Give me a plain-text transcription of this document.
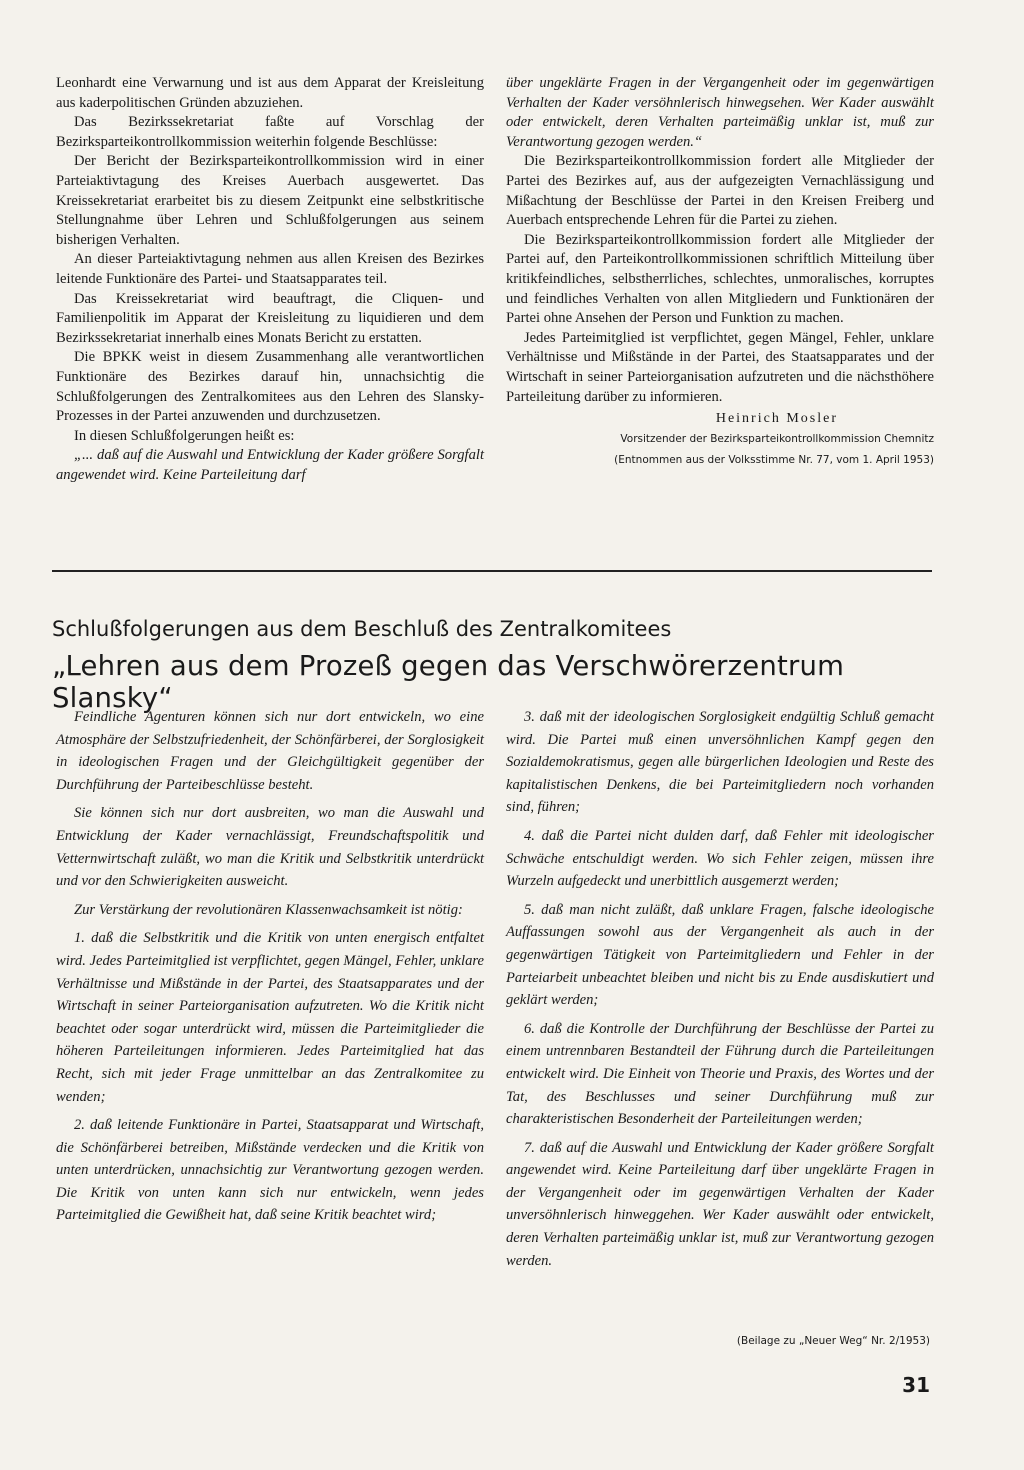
Leonhardt eine Verwarnung und ist aus dem Apparat der Kreisleitung aus kaderpolitischen Gründen abzuziehen.

Das Bezirkssekretariat faßte auf Vorschlag der Bezirksparteikontrollkommission weiterhin folgende Beschlüsse:

Der Bericht der Bezirksparteikontrollkommission wird in einer Parteiaktivtagung des Kreises Auerbach ausgewertet. Das Kreissekretariat erarbeitet bis zu diesem Zeitpunkt eine selbstkritische Stellungnahme über Lehren und Schlußfolgerungen aus seinem bisherigen Verhalten.

An dieser Parteiaktivtagung nehmen aus allen Kreisen des Bezirkes leitende Funktionäre des Partei- und Staatsapparates teil.

Das Kreissekretariat wird beauftragt, die Cliquen- und Familienpolitik im Apparat der Kreisleitung zu liquidieren und dem Bezirkssekretariat innerhalb eines Monats Bericht zu erstatten.

Die BPKK weist in diesem Zusammenhang alle verantwortlichen Funktionäre des Bezirkes darauf hin, unnachsichtig die Schlußfolgerungen des Zentralkomitees aus den Lehren des Slansky-Prozesses in der Partei anzuwenden und durchzusetzen.

In diesen Schlußfolgerungen heißt es:

„... daß auf die Auswahl und Entwicklung der Kader größere Sorgfalt angewendet wird. Keine Parteileitung darf

über ungeklärte Fragen in der Vergangenheit oder im gegenwärtigen Verhalten der Kader versöhnlerisch hinwegsehen. Wer Kader auswählt oder entwickelt, deren Verhalten parteimäßig unklar ist, muß zur Verantwortung gezogen werden.“

Die Bezirksparteikontrollkommission fordert alle Mitglieder der Partei des Bezirkes auf, aus der aufgezeigten Vernachlässigung und Mißachtung der Beschlüsse der Partei in den Kreisen Freiberg und Auerbach entsprechende Lehren für die Partei zu ziehen.

Die Bezirksparteikontrollkommission fordert alle Mitglieder der Partei auf, den Parteikontrollkommissionen schriftlich Mitteilung über kritikfeindliches, selbstherrliches, schlechtes, unmoralisches, korruptes und feindliches Verhalten von allen Mitgliedern und Funktionären der Partei ohne Ansehen der Person und Funktion zu machen.

Jedes Parteimitglied ist verpflichtet, gegen Mängel, Fehler, unklare Verhältnisse und Mißstände in der Partei, des Staatsapparates und der Wirtschaft in seiner Parteiorganisation aufzutreten und die nächsthöhere Parteileitung darüber zu informieren.

Heinrich Mosler
Vorsitzender der Bezirksparteikontrollkommission Chemnitz
(Entnommen aus der Volksstimme Nr. 77, vom 1. April 1953)
Schlußfolgerungen aus dem Beschluß des Zentralkomitees
„Lehren aus dem Prozeß gegen das Verschwörerzentrum Slansky“

Feindliche Agenturen können sich nur dort entwickeln, wo eine Atmosphäre der Selbstzufriedenheit, der Schönfärberei, der Sorglosigkeit in ideologischen Fragen und der Gleichgültigkeit gegenüber der Durchführung der Parteibeschlüsse besteht.

Sie können sich nur dort ausbreiten, wo man die Auswahl und Entwicklung der Kader vernachlässigt, Freundschaftspolitik und Vetternwirtschaft zuläßt, wo man die Kritik und Selbstkritik unterdrückt und vor den Schwierigkeiten ausweicht.

Zur Verstärkung der revolutionären Klassenwachsamkeit ist nötig:

1. daß die Selbstkritik und die Kritik von unten energisch entfaltet wird. Jedes Parteimitglied ist verpflichtet, gegen Mängel, Fehler, unklare Verhältnisse und Mißstände in der Partei, des Staatsapparates und der Wirtschaft in seiner Parteiorganisation aufzutreten. Wo die Kritik nicht beachtet oder sogar unterdrückt wird, müssen die Parteimitglieder die höheren Parteileitungen informieren. Jedes Parteimitglied hat das Recht, sich mit jeder Frage unmittelbar an das Zentralkomitee zu wenden;

2. daß leitende Funktionäre in Partei, Staatsapparat und Wirtschaft, die Schönfärberei betreiben, Mißstände verdecken und die Kritik von unten unterdrücken, unnachsichtig zur Verantwortung gezogen werden. Die Kritik von unten kann sich nur entwickeln, wenn jedes Parteimitglied die Gewißheit hat, daß seine Kritik beachtet wird;

3. daß mit der ideologischen Sorglosigkeit endgültig Schluß gemacht wird. Die Partei muß einen unversöhnlichen Kampf gegen den Sozialdemokratismus, gegen alle bürgerlichen Ideologien und Reste des kapitalistischen Denkens, die bei Parteimitgliedern noch vorhanden sind, führen;

4. daß die Partei nicht dulden darf, daß Fehler mit ideologischer Schwäche entschuldigt werden. Wo sich Fehler zeigen, müssen ihre Wurzeln aufgedeckt und unerbittlich ausgemerzt werden;

5. daß man nicht zuläßt, daß unklare Fragen, falsche ideologische Auffassungen sowohl aus der Vergangenheit als auch in der gegenwärtigen Tätigkeit von Parteimitgliedern und Fehler in der Parteiarbeit unbeachtet bleiben und nicht bis zu Ende ausdiskutiert und geklärt werden;

6. daß die Kontrolle der Durchführung der Beschlüsse der Partei zu einem untrennbaren Bestandteil der Führung durch die Parteileitungen entwickelt wird. Die Einheit von Theorie und Praxis, des Wortes und der Tat, des Beschlusses und seiner Durchführung muß zur charakteristischen Besonderheit der Parteileitungen werden;

7. daß auf die Auswahl und Entwicklung der Kader größere Sorgfalt angewendet wird. Keine Parteileitung darf über ungeklärte Fragen in der Vergangenheit oder im gegenwärtigen Verhalten der Kader unversöhnlerisch hinweggehen. Wer Kader auswählt oder entwickelt, deren Verhalten parteimäßig unklar ist, muß zur Verantwortung gezogen werden.

(Beilage zu „Neuer Weg“ Nr. 2/1953)
31
